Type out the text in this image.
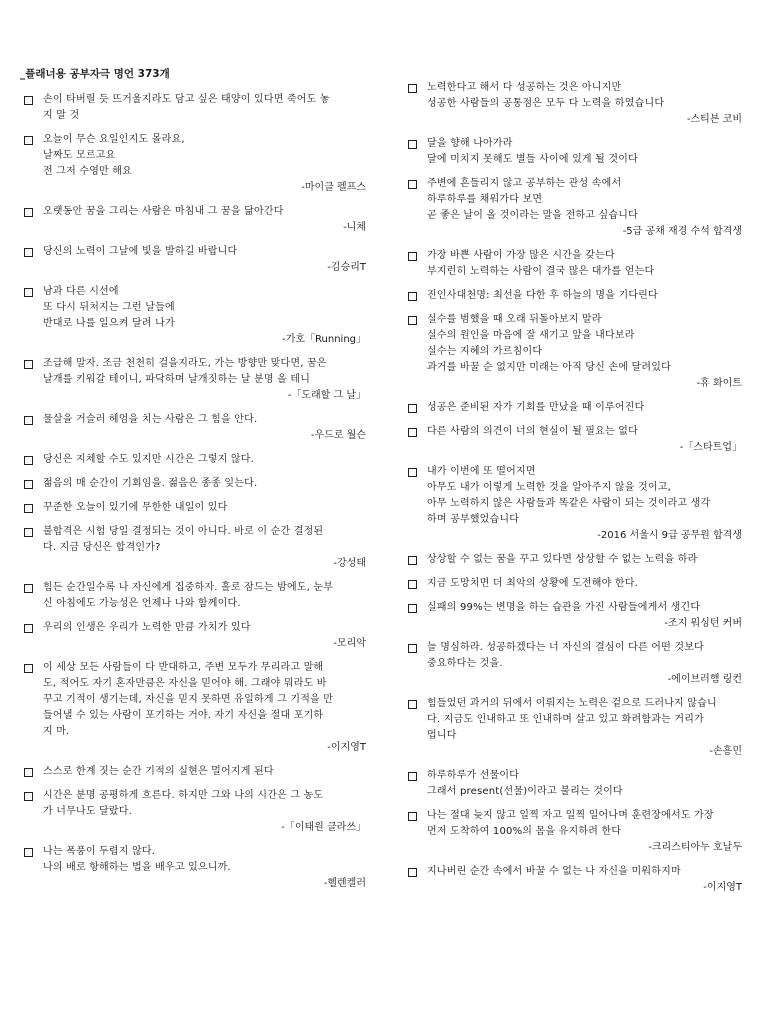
_플래너용 공부자극 명언 373개
손이 타버릴 듯 뜨거울지라도 담고 싶은 태양이 있다면 죽어도 놓
지 말 것
오늘이 무슨 요일인지도 몰라요,
날짜도 모르고요
전 그저 수영만 해요
-마이클 펠프스
오랫동안 꿈을 그리는 사람은 마침내 그 꿈을 닮아간다
-니체
당신의 노력이 그날에 빛을 발하길 바랍니다
-김승리T
남과 다른 시선에
또 다시 뒤처지는 그런 날들에
반대로 나를 일으켜 달려 나가
-가호「Running」
조급해 말자. 조금 천천히 걸을지라도, 가는 방향만 맞다면, 꿈은
날개를 키워갈 테이니, 파닥하며 날개짓하는 날 분명 올 테니
-「도래할 그 날」
물살을 거슬러 헤엄을 치는 사람은 그 힘을 안다.
-우드로 월슨
당신은 지체할 수도 있지만 시간은 그렇지 않다.
젊음의 매 순간이 기회임을. 젊음은 종종 잊는다.
꾸준한 오늘이 있기에 무한한 내일이 있다
불합격은 시험 당일 결정되는 것이 아니다. 바로 이 순간 결정된
다. 지금 당신은 합격인가?
-강성태
힘든 순간일수록 나 자신에게 집중하자. 홀로 잠드는 밤에도, 눈부
신 아침에도 가능성은 언제나 나와 함께이다.
우리의 인생은 우리가 노력한 만큼 가치가 있다
-모리악
이 세상 모든 사람들이 다 반대하고, 주변 모두가 무리라고 말해
도, 적어도 자기 혼자만큼은 자신을 믿어야 해. 그래야 뭐라도 바
꾸고 기적이 생기는데, 자신을 믿지 못하면 유일하게 그 기적을 만
들어낼 수 있는 사람이 포기하는 거야. 자기 자신을 절대 포기하
지 마.
-이지영T
스스로 한계 짓는 순간 기적의 실현은 멀어지게 된다
시간은 분명 공평하게 흐른다. 하지만 그와 나의 시간은 그 농도
가 너무나도 달랐다.
-「이태원 클라쓰」
나는 폭풍이 두렵지 않다.
나의 배로 항해하는 법을 배우고 있으니까.
-헬렌켈러
노력한다고 해서 다 성공하는 것은 아니지만
성공한 사람들의 공통점은 모두 다 노력을 하였습니다
-스티븐 코비
달을 향해 나아가라
달에 미치지 못해도 별들 사이에 있게 될 것이다
주변에 흔들리지 않고 공부하는 관성 속에서
하루하루를 채워가다 보면
곧 좋은 날이 올 것이라는 말을 전하고 싶습니다
-5급 공채 재경 수석 합격생
가장 바쁜 사람이 가장 많은 시간을 갖는다
부지런히 노력하는 사람이 결국 많은 대가를 얻는다
진인사대천명: 최선을 다한 후 하늘의 명을 기다린다
실수를 범했을 때 오래 뒤돌아보지 말라
실수의 원인을 마음에 잘 새기고 앞을 내다보라
실수는 지혜의 가르침이다
과거를 바꿀 순 없지만 미래는 아직 당신 손에 달려있다
-휴 화이트
성공은 준비된 자가 기회를 만났을 때 이루어진다
다른 사람의 의견이 너의 현실이 될 필요는 없다
-「스타트업」
내가 이번에 또 떨어지면
아무도 내가 이렇게 노력한 것을 알아주지 않을 것이고,
아무 노력하지 않은 사람들과 똑같은 사람이 되는 것이라고 생각
하며 공부했었습니다
-2016 서울시 9급 공무원 합격생
상상할 수 없는 꿈을 꾸고 있다면 상상할 수 없는 노력을 하라
지금 도망치면 더 최악의 상황에 도전해야 한다.
실패의 99%는 변명을 하는 습관을 가진 사람들에게서 생긴다
-조지 워싱턴 커버
늘 명심하라. 성공하겠다는 너 자신의 결심이 다른 어떤 것보다
중요하다는 것을.
-에이브러햄 링컨
힘들었던 과거의 뒤에서 이뤄지는 노력은 겉으로 드러나지 않습니
다. 지금도 인내하고 또 인내하며 살고 있고 화려함과는 거리가
멉니다
-손흥민
하루하루가 선물이다
그래서 present(선물)이라고 불리는 것이다
나는 절대 늦지 않고 일찍 자고 일찍 일어나며 훈련장에서도 가장
먼저 도착하여 100%의 몸을 유지하려 한다
-크리스티아누 호날두
지나버린 순간 속에서 바꿀 수 없는 나 자신을 미워하지마
-이지영T
